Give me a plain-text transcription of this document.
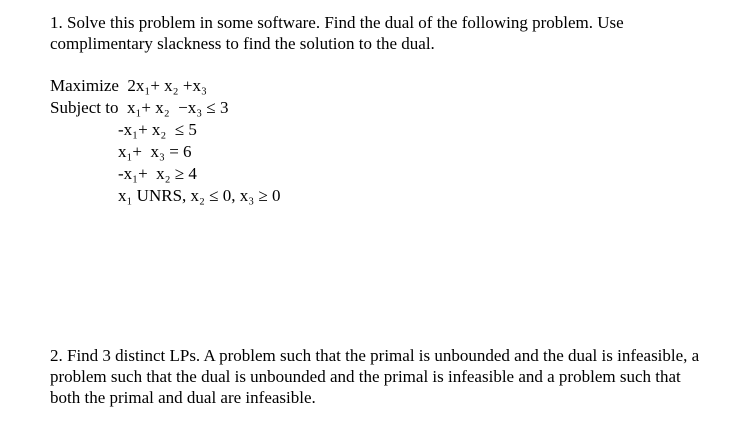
1. Solve this problem in some software. Find the dual of the following problem. Use complimentary slackness to find the solution to the dual.

Maximize 2x₁+ x₂ +x₃
Subject to x₁+ x₂  −x₃ ≤ 3
-x₁+ x₂  ≤ 5
x₁+  x₃ = 6
-x₁+  x₂ ≥ 4
x₁ UNRS, x₂ ≤ 0, x₃ ≥ 0

2. Find 3 distinct LPs. A problem such that the primal is unbounded and the dual is infeasible, a problem such that the dual is unbounded and the primal is infeasible and a problem such that both the primal and dual are infeasible.
